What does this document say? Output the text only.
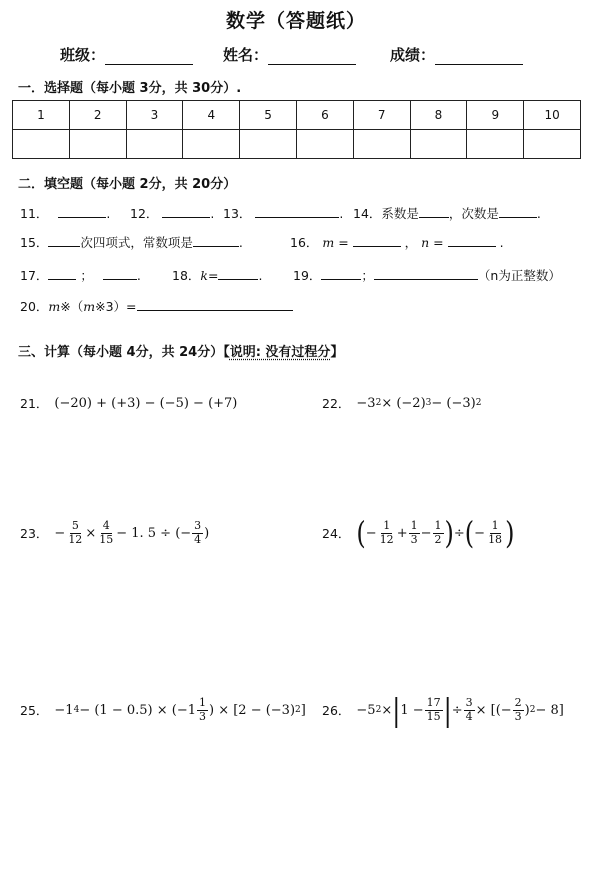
数学（答题纸）
班级：	姓名：	成绩：
一．选择题（每小题 3分，共 30分）.
1	2	3	4	5	6	7	8	9	10

二．填空题（每小题 2分，共 20分）
11．	. 12．	. 13．	. 14．系数是 ，次数是	.
15．	次四项式，常数项是	.	16． m =	， n =	.
17． ；	. 18．k=	. 19．	；	（n为正整数）
20．m※（m※3）=
三、计算（每小题 4分，共 24分）【说明: 没有过程分】
21． (−20) + (+3) − (−5) − (+7)	22． −3 2 × (−2) 3 − (−3) 2
23． − $\frac{5}{12} \times \frac{4}{15} - 1$. 5 ÷ (− $\frac{3}{4}$ )	24． ( − $\frac{1}{12} + \frac{1}{3} - \frac{1}{2}$ ) ÷ ( − $\frac{1}{18}$ )
25． −1 $4 - (1 - 0.5) \times (-1 \frac{1}{3}$ ) × [2 − (−3) 2 ] 26． −5 2 × | $1 - \frac{17}{15}$ | ÷ $\frac{3}{4}$ × [(− $\frac{2}{3}$ ) 2 − 8]
